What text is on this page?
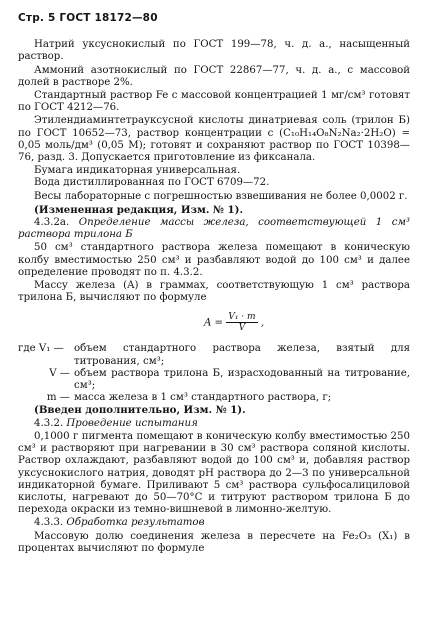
Стр. 5 ГОСТ 18172—80

Натрий уксуснокислый по ГОСТ 199—78, ч. д. а., насыщенный раствор.

Аммоний азотнокислый по ГОСТ 22867—77, ч. д. а., с массовой долей в растворе 2%.

Стандартный раствор Fe с массовой концентрацией 1 мг/см³ готовят по ГОСТ 4212—76.

Этилендиаминтетрауксусной кислоты динатриевая соль (трилон Б) по ГОСТ 10652—73, раствор концентрации с (C₁₀H₁₄O₈N₂Na₂·2H₂O) = 0,05 моль/дм³ (0,05 М); готовят и сохраняют раствор по ГОСТ 10398—76, разд. 3. Допускается приготовление из фиксанала.

Бумага индикаторная универсальная.

Вода дистиллированная по ГОСТ 6709—72.

Весы лабораторные с погрешностью взвешивания не более 0,0002 г.

(Измененная редакция, Изм. № 1).

4.3.2а. Определение массы железа, соответствующей 1 см³ раствора трилона Б

50 см³ стандартного раствора железа помещают в коническую колбу вместимостью 250 см³ и разбавляют водой до 100 см³ и далее определение проводят по п. 4.3.2.

Массу железа (A) в граммах, соответствующую 1 см³ раствора трилона Б, вычисляют по формуле

$A = \frac{\text{V₁ · m}}{V}$ ,
где V₁ —	объем стандартного раствора железа, взятый для титрования, см³;
V — объем раствора трилона Б, израсходованный на титрование, см³;
m — масса железа в 1 см³ стандартного раствора, г;

(Введен дополнительно, Изм. № 1).

4.3.2. Проведение испытания

0,1000 г пигмента помещают в коническую колбу вместимостью 250 см³ и растворяют при нагревании в 30 см³ раствора соляной кислоты. Раствор охлаждают, разбавляют водой до 100 см³ и, добавляя раствор уксуснокислого натрия, доводят pH раствора до 2—3 по универсальной индикаторной бумаге. Приливают 5 см³ раствора сульфосалициловой кислоты, нагревают до 50—70°C и титруют раствором трилона Б до перехода окраски из темно-вишневой в лимонно-желтую.

4.3.3. Обработка результатов

Массовую долю соединения железа в пересчете на Fe₂O₃ (X₁) в процентах вычисляют по формуле
